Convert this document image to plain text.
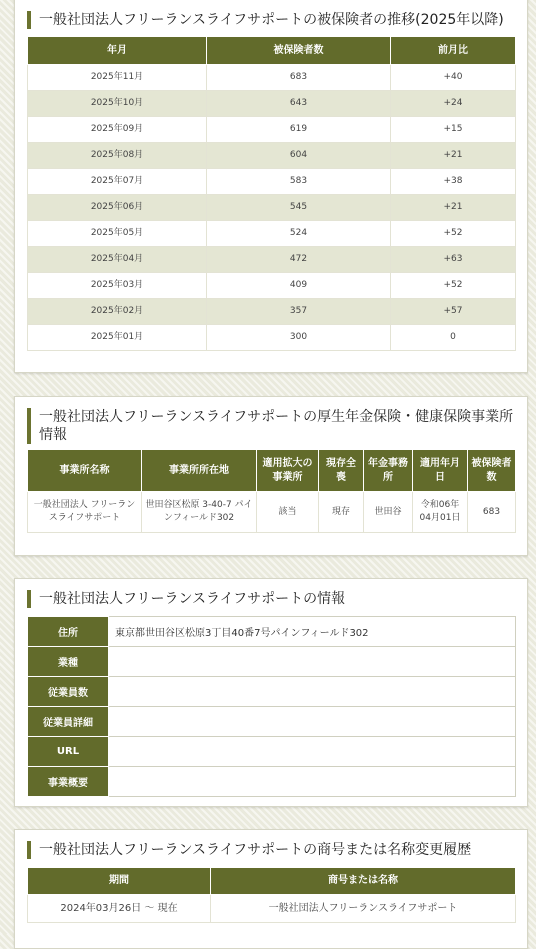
一般社団法人フリーランスライフサポートの被保険者の推移(2025年以降)
年月	被保険者数	前月比
2025年11月	683	+40
2025年10月	643	+24
2025年09月	619	+15
2025年08月	604	+21
2025年07月	583	+38
2025年06月	545	+21
2025年05月	524	+52
2025年04月	472	+63
2025年03月	409	+52
2025年02月	357	+57
2025年01月	300	0
一般社団法人フリーランスライフサポートの厚生年金保険・健康保険事業所情報
事業所名称	事業所所在地	適用拡大の事業所	現存全喪	年金事務所	適用年月日	被保険者数
一般社団法人 フリーランスライフサポート	世田谷区松原 3-40-7 パインフィールド302	該当	現存	世田谷	令和06年04月01日	683
一般社団法人フリーランスライフサポートの情報
住所	東京都世田谷区松原3丁目40番7号パインフィールド302
業種	
従業員数	
従業員詳細	
URL	
事業概要	
一般社団法人フリーランスライフサポートの商号または名称変更履歴
期間	商号または名称
2024年03月26日 〜 現在	一般社団法人フリーランスライフサポート
